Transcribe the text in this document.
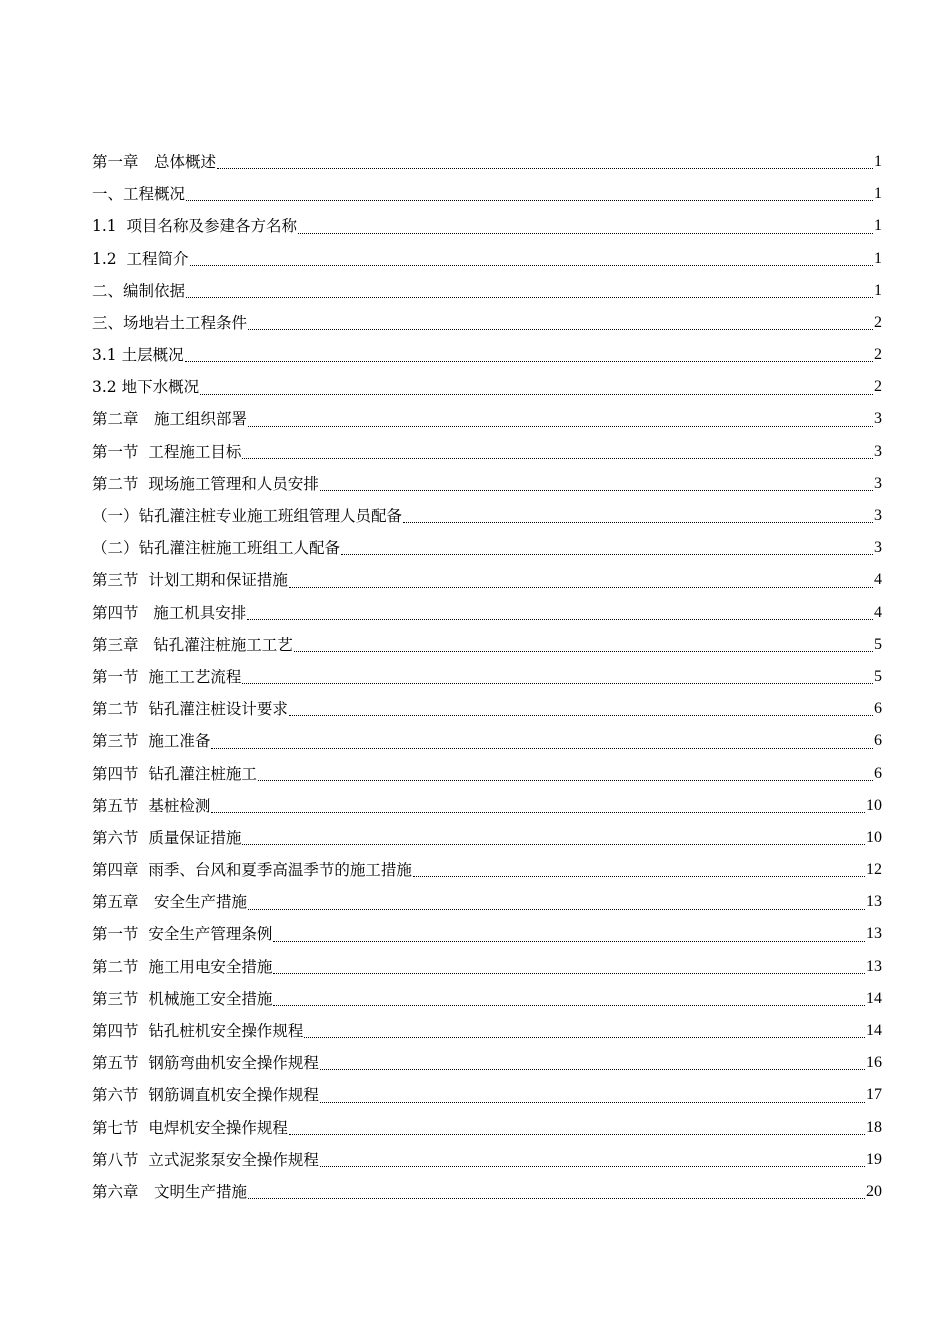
第一章　总体概述	1
一、工程概况	1
1.1  项目名称及参建各方名称	1
1.2  工程简介	1
二、编制依据	1
三、场地岩土工程条件	2
3.1 土层概况	2
3.2 地下水概况	2
第二章　施工组织部署	3
第一节  工程施工目标	3
第二节  现场施工管理和人员安排	3
（一）钻孔灌注桩专业施工班组管理人员配备	3
（二）钻孔灌注桩施工班组工人配备	3
第三节  计划工期和保证措施	4
第四节   施工机具安排	4
第三章   钻孔灌注桩施工工艺	5
第一节  施工工艺流程	5
第二节  钻孔灌注桩设计要求	6
第三节  施工准备	6
第四节  钻孔灌注桩施工	6
第五节  基桩检测	10
第六节  质量保证措施	10
第四章  雨季、台风和夏季高温季节的施工措施	12
第五章　安全生产措施	13
第一节  安全生产管理条例	13
第二节  施工用电安全措施	13
第三节  机械施工安全措施	14
第四节  钻孔桩机安全操作规程	14
第五节  钢筋弯曲机安全操作规程	16
第六节  钢筋调直机安全操作规程	17
第七节  电焊机安全操作规程	18
第八节  立式泥浆泵安全操作规程	19
第六章　文明生产措施	20
